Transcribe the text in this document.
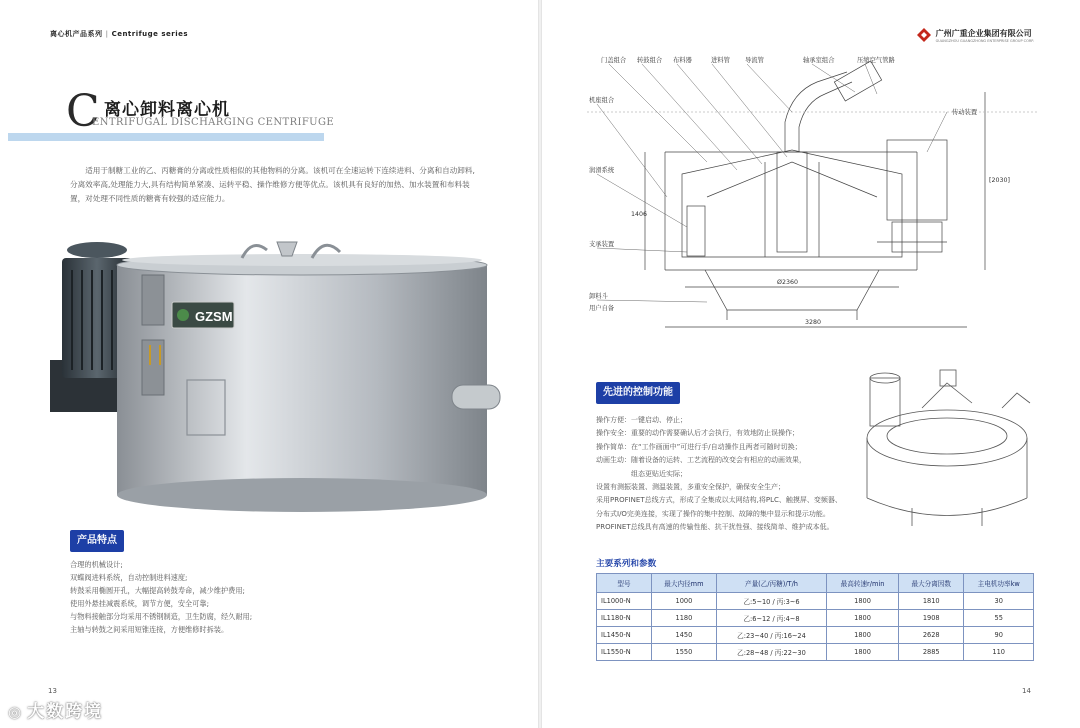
离心机产品系列 | Centrifuge series
C 离心卸料离心机
ENTRIFUGAL DISCHARGING CENTRIFUGE

适用于制糖工业的乙、丙糖膏的分离或性质相似的其他物料的分离。该机可在全速运转下连续进料、分离和自动卸料,分离效率高,处理能力大,具有结构简单紧凑、运转平稳、操作维修方便等优点。该机具有良好的加热、加水装置和布料装置，对处理不同性质的糖膏有较强的适应能力。

GZSM
产品特点
合理的机械设计;
双蝶阀进料系统，自动控制进料速度;
转鼓采用椭圆开孔，大幅提高转鼓寿命，减少维护费用;
使用外悬挂减震系统，调节方便，安全可靠;
与物料接触部分均采用不锈钢制造，卫生防腐，经久耐用;
主轴与转鼓之间采用短锥连接，方便维修时拆装。
13
◎ 大数跨境
广州广重企业集团有限公司
GUANGZHOU GUANGZHONG ENTERPRISE GROUP CORP.
门盖组合 转鼓组合 布料器	进料管 导流管	轴承室组合	压缩空气管路
机座组合
润滑系统
支承装置
卸料斗
用户自备
传动装置
1406
Ø2360
3280
[2030]
先进的控制功能
操作方便：一键启动、停止；
操作安全：重要的动作需要确认后才会执行，有效地防止误操作；
操作简单：在“工作画面中”可进行手/自动操作且两者可随时切换；
动画生动：随着设备的运转、工艺流程的改变会有相应的动画效果，
　　　　　组态更贴近实际；
设置有测振装置、测温装置，多重安全保护，确保安全生产；
采用PROFINET总线方式，形成了全集成以太网结构,将PLC、触摸屏、变频器、
分布式I/O完美连接，实现了操作的集中控制、故障的集中显示和提示功能。
PROFINET总线具有高速的传输性能、抗干扰性强、接线简单、维护成本低。
主要系列和参数
型号	最大内径mm	产量(乙/丙糖)/T/h	最高转速r/min	最大分离因数	主电机功率kw
IL1000-N	1000	乙:5~10 / 丙:3~6	1800	1810	30
IL1180-N	1180	乙:6~12 / 丙:4~8	1800	1908	55
IL1450-N	1450	乙:23~40 / 丙:16~24	1800	2628	90
IL1550-N	1550	乙:28~48 / 丙:22~30	1800	2885	110
14
